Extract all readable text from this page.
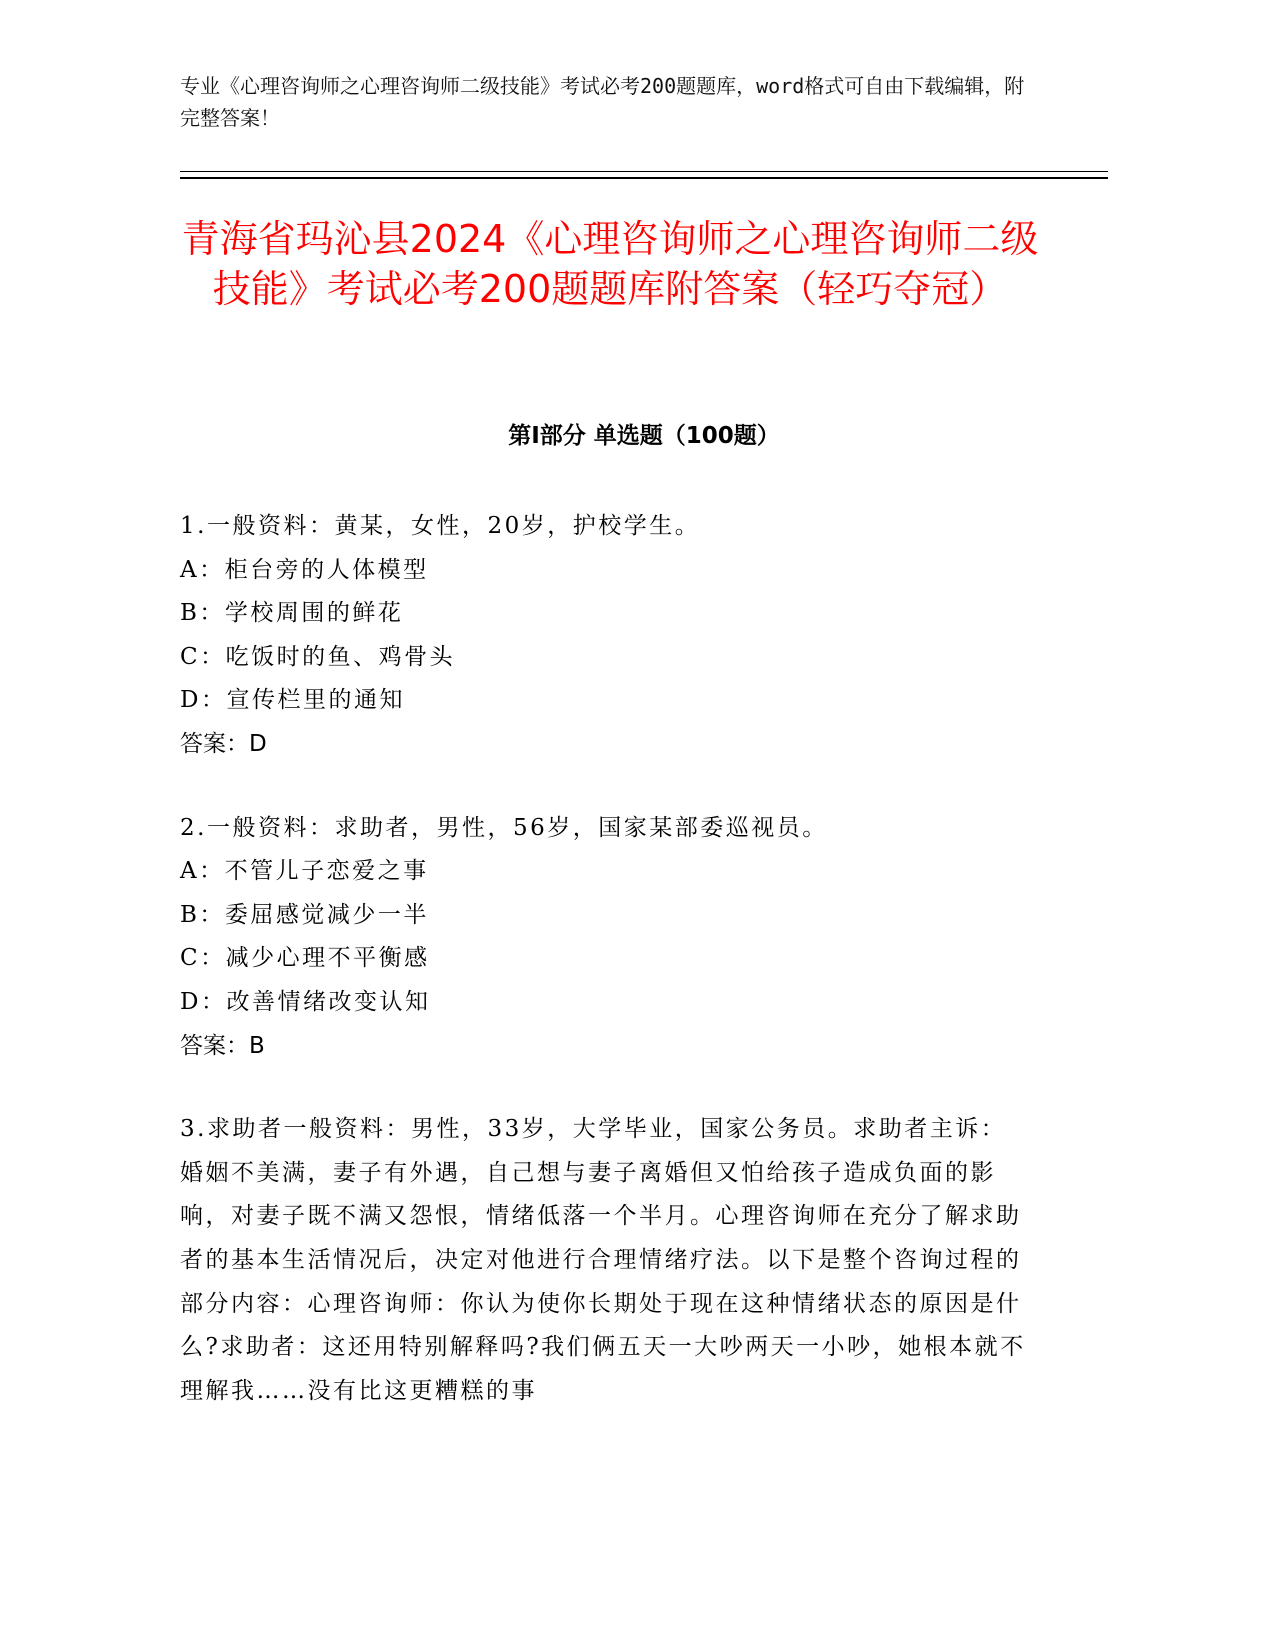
专业《心理咨询师之心理咨询师二级技能》考试必考200题题库，word格式可自由下载编辑，附完整答案！
青海省玛沁县2024《心理咨询师之心理咨询师二级技能》考试必考200题题库附答案（轻巧夺冠）
第I部分 单选题（100题）
1.一般资料：黄某，女性，20岁，护校学生。
A：柜台旁的人体模型
B：学校周围的鲜花
C：吃饭时的鱼、鸡骨头
D：宣传栏里的通知
答案：D
2.一般资料：求助者，男性，56岁，国家某部委巡视员。
A：不管儿子恋爱之事
B：委屈感觉减少一半
C：减少心理不平衡感
D：改善情绪改变认知
答案：B
3.求助者一般资料：男性，33岁，大学毕业，国家公务员。求助者主诉：婚姻不美满，妻子有外遇，自己想与妻子离婚但又怕给孩子造成负面的影响，对妻子既不满又怨恨，情绪低落一个半月。心理咨询师在充分了解求助者的基本生活情况后，决定对他进行合理情绪疗法。以下是整个咨询过程的部分内容：心理咨询师：你认为使你长期处于现在这种情绪状态的原因是什么?求助者：这还用特别解释吗?我们俩五天一大吵两天一小吵，她根本就不理解我……没有比这更糟糕的事
